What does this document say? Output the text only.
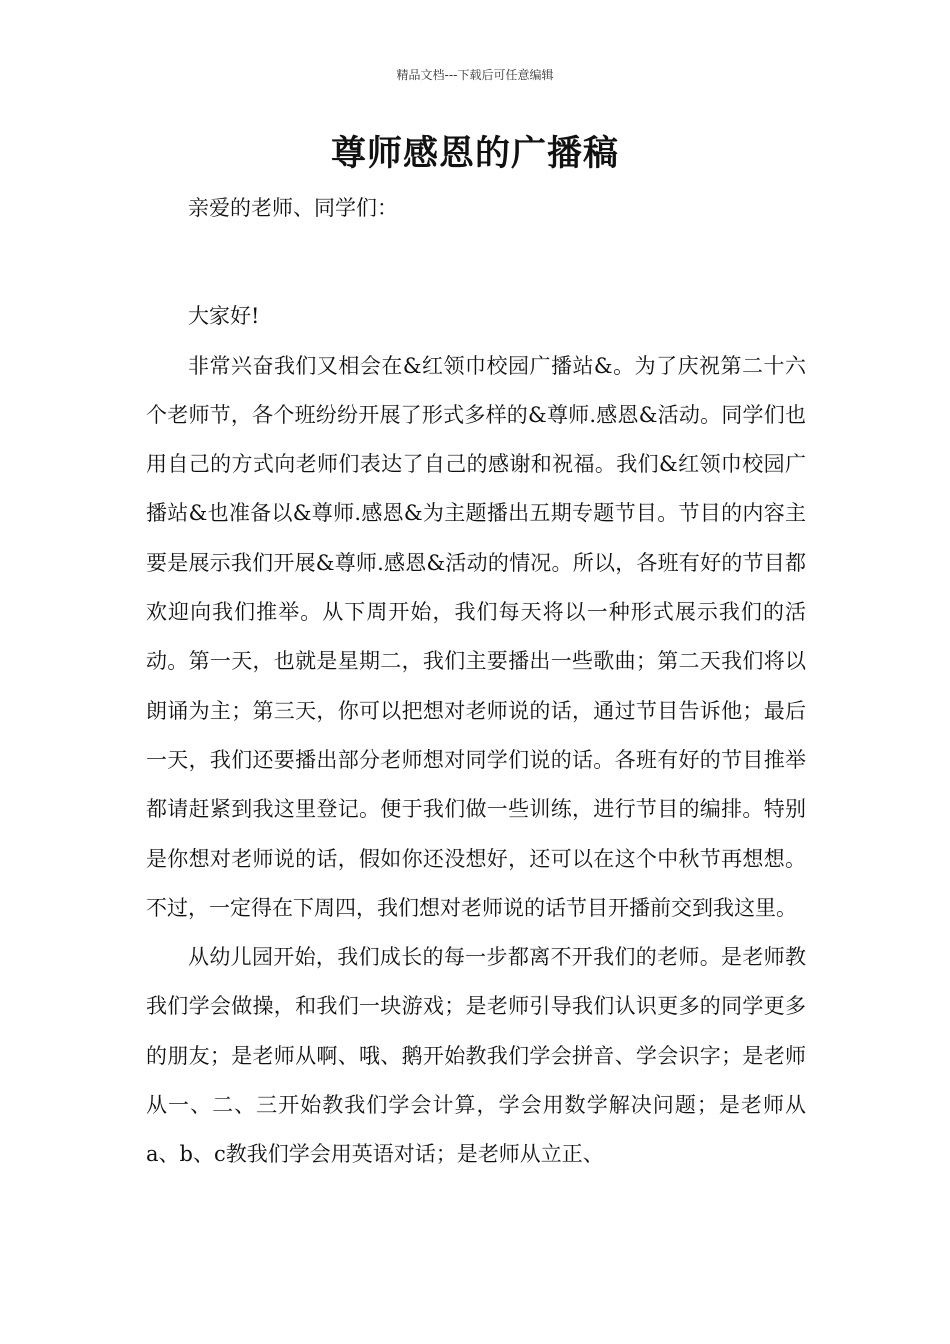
精品文档---下载后可任意编辑
尊师感恩的广播稿

亲爱的老师、同学们：

大家好!

非常兴奋我们又相会在&红领巾校园广播站&。为了庆祝第二十六个老师节，各个班纷纷开展了形式多样的&尊师.感恩&活动。同学们也用自己的方式向老师们表达了自己的感谢和祝福。我们&红领巾校园广播站&也准备以&尊师.感恩&为主题播出五期专题节目。节目的内容主要是展示我们开展&尊师.感恩&活动的情况。所以，各班有好的节目都欢迎向我们推举。从下周开始，我们每天将以一种形式展示我们的活动。第一天，也就是星期二，我们主要播出一些歌曲；第二天我们将以朗诵为主；第三天，你可以把想对老师说的话，通过节目告诉他；最后一天，我们还要播出部分老师想对同学们说的话。各班有好的节目推举都请赶紧到我这里登记。便于我们做一些训练，进行节目的编排。特别是你想对老师说的话，假如你还没想好，还可以在这个中秋节再想想。不过，一定得在下周四，我们想对老师说的话节目开播前交到我这里。

从幼儿园开始，我们成长的每一步都离不开我们的老师。是老师教我们学会做操，和我们一块游戏；是老师引导我们认识更多的同学更多的朋友；是老师从啊、哦、鹅开始教我们学会拼音、学会识字；是老师从一、二、三开始教我们学会计算，学会用数学解决问题；是老师从a、b、c教我们学会用英语对话；是老师从立正、
